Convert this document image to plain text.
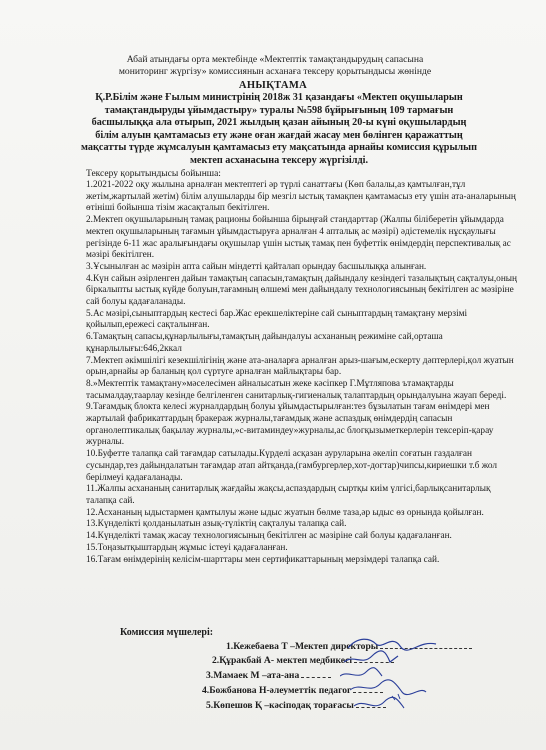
Абай атындағы орта мектебінде «Мектептік тамақтандырудың сапасына
мониторинг жүргізу» комиссиянын асханаға тексеру қорытындысы жөнінде
АНЫҚТАМА
Қ.Р.Білім және Ғылым министрінің 2018ж 31 қазандағы «Мектеп оқушыларын
тамақтандыруды ұйымдастыру» туралы №598 бұйрығының 109 тармағын
басшылыққа ала отырып, 2021 жылдың қазан айының 20-ы күні оқушылардың
білім алуын қамтамасыз ету және оған жағдай жасау мен бөлінген қаражаттың
мақсатты түрде жұмсалуын қамтамасыз ету мақсатында арнайы комиссия құрылып
мектеп асханасына тексеру жүргізілді.
Тексеру қорытындысы бойынша:

1.2021-2022 оқу жылына арналған мектептегі әр түрлі санаттағы (Көп балалы,аз қамтылған,тұл жетім,жартылай жетім) білім алушыларды бір мезгіл ыстық тамақпен қамтамасыз ету үшін ата-аналарының өтініші бойынша тізім жасақталып бекітілген.

2.Мектеп оқушыларының тамақ рационы бойынша бірыңғай стандарттар (Жалпы біліберетін ұйымдарда мектеп оқушыларының тағамын ұйымдастыруға арналған 4 апталық ас мәзірі) әдістемелік нұсқаулығы регізінде 6-11 жас аралығындағы оқушылар үшін ыстық тамақ пен буфеттік өнімдердің перспективалық ас мәзірі бекітілген.

3.Ұсынылған ас мәзірін апта сайын міндетті қайталап орындау басшылыққа алынған.

4.Күн сайын әзірленген дайын тамақтың сапасын,тамақтың дайындалу кезіндегі тазалықтың сақталуы,оның біркалыпты ыстық күйде болуын,тағамның өлшемі мен дайындалу технологиясының бекітілген ас мәзіріне сай болуы қадағаланады.

5.Ас мәзірі,сыныптардың кестесі бар.Жас ерекшеліктеріне сай сыныптардың тамақтану мерзімі қойылып,ережесі сақталынған.

6.Тамақтың сапасы,құнарлылығы,тамақтың дайындалуы асхананың режиміне сай,орташа құнарлылығы:646,2ккал

7.Мектеп әкімшілігі кезекшілігінің және ата-аналарға арналған арыз-шағым,ескерту дәптерлері,қол жуатын орын,арнайы әр баланың қол сүртуге арналған майлықтары бар.

8.»Мектептік тамақтану»мәселесімен айналысатын жеке кәсіпкер Г.Мұтляпова ътамақтарды тасымалдау,таарлау кезінде белгіленген санитарлық-гигиеналық талаптардың орындалуына жауап береді.

9.Тағамдық блокта келесі журналдардың болуы ұйымдастырылған:тез бұзылатын тағам өнімдері мен жартылай фабрикаттардың бракераж журналы,тағамдық және аспаздық өнімдердің сапасын органолептикалық бақылау журналы,»с-витаминдеу»журналы,ас блогқызыметкерлерін тексеріп-қарау журналы.

10.Буфетте талапқа сай тағамдар сатылады.Күрделі асқазан ауруларына әкеліп соғатын газдалған сусындар,тез дайындалатын тағамдар атап айтқанда,(гамбургерлер,хот-догтар)чипсы,кириешки т.б жол берілмеуі қадағаланады.

11.Жалпы асхананың санитарлық жағдайы жақсы,аспаздардың сыртқы киім үлгісі,барлықсанитарлық талапқа сай.

12.Асхананың ыдыстармен қамтылуы және ыдыс жуатын бөлме таза,әр ыдыс өз орнында қойылған.

13.Күнделікті қолданылатын азық-түліктің сақталуы талапқа сай.

14.Күнделікті тамақ жасау технологиясының бекітілген ас мәзіріне сай болуы қадағаланған.

15.Тоңазытқыштардың жұмыс істеуі қадағаланған.

16.Тағам өнімдерінің келісім-шарттары мен сертификаттарының мерзімдері талапқа сай.

Комиссия мүшелері:
1.Кежебаева Т –Мектеп директоры
2.Құракбай А- мектеп медбикесі
3.Мамаек М –ата-ана
4.Божбанова Н-әлеуметтік педагог
5.Көпешов Қ –кәсіподақ торағасы
